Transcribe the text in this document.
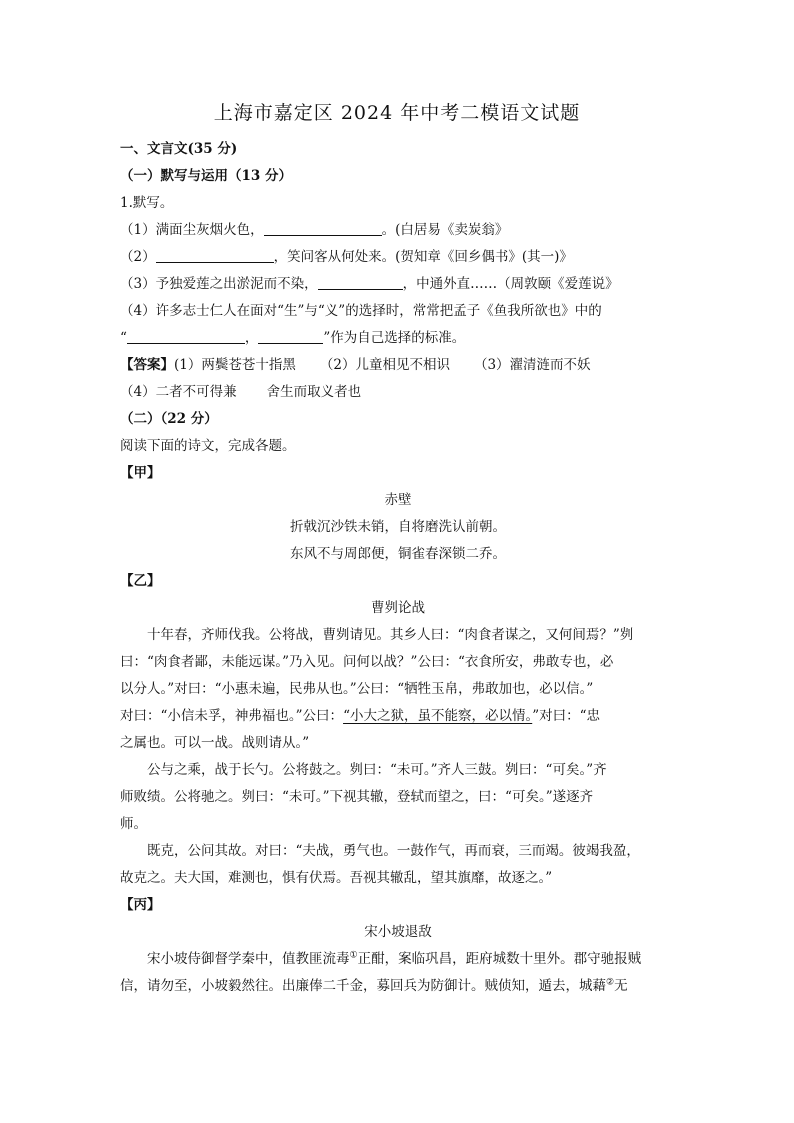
上海市嘉定区 2024 年中考二模语文试题
一、文言文(35 分)
（一）默写与运用（13 分）
1.默写。
（1）满面尘灰烟火色，	。(白居易《卖炭翁》
（2）	，笑问客从何处来。(贺知章《回乡偶书》(其一)》
（3）予独爱莲之出淤泥而不染，	，中通外直……（周敦颐《爱莲说》
（4）许多志士仁人在面对“生”与“义”的选择时，常常把孟子《鱼我所欲也》中的
“	，	”作为自己选择的标准。
【答案】(1）两鬓苍苍十指黑 （2）儿童相见不相识 （3）濯清涟而不妖
（4）二者不可得兼 舍生而取义者也
（二）（22 分）
阅读下面的诗文，完成各题。
【甲】
赤壁
折戟沉沙铁未销，自将磨洗认前朝。
东风不与周郎便，铜雀春深锁二乔。
【乙】
曹刿论战
十年春，齐师伐我。公将战，曹刿请见。其乡人曰：“肉食者谋之，又何间焉？”刿
曰：“肉食者鄙，未能远谋。”乃入见。问何以战？”公曰：“衣食所安，弗敢专也，必
以分人。”对曰：“小惠未遍，民弗从也。”公曰：“牺牲玉帛，弗敢加也，必以信。”
对曰：“小信未孚，神弗福也。”公曰：“小大之狱，虽不能察，必以情。”对曰：“忠
之属也。可以一战。战则请从。”
公与之乘，战于长勺。公将鼓之。刿曰：“未可。”齐人三鼓。刿曰：“可矣。”齐
师败绩。公将驰之。刿曰：“未可。”下视其辙，登轼而望之，曰：“可矣。”遂逐齐
师。
既克，公问其故。对曰：“夫战，勇气也。一鼓作气，再而衰，三而竭。彼竭我盈，
故克之。夫大国，难测也，惧有伏焉。吾视其辙乱，望其旗靡，故逐之。”
【丙】
宋小坡退敌
宋小坡侍御督学秦中，值教匪流毒①正酣，案临巩昌，距府城数十里外。郡守驰报贼
信，请勿至，小坡毅然往。出廉俸二千金，募回兵为防御计。贼侦知，遁去，城藉②无
